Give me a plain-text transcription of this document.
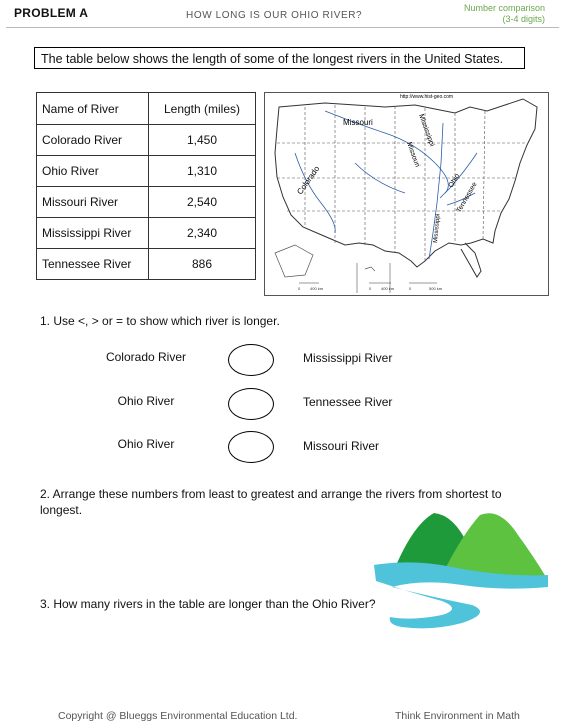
PROBLEM A	HOW LONG IS OUR OHIO RIVER?
Number comparison
(3-4 digits)
The table below shows the length of some of the longest rivers in the United States.
Name of River	Length (miles)
Colorado River	1,450
Ohio River	1,310
Missouri River	2,540
Mississippi River	2,340
Tennessee River	886
http://www.hist-geo.com
Missouri	Mississippi
Missouri
Colorado	Ohio
Tennessee
Mississippi
0 400 km	0 400 km	0	500 km
1. Use <, > or = to show which river is longer.
Colorado River	Mississippi River
Ohio River	Tennessee River
Ohio River	Missouri River
2. Arrange these numbers from least to greatest and arrange the rivers from shortest to longest.
3. How many rivers in the table are longer than the Ohio River?
Copyright @ Bluеggs Environmental Education Ltd.	Think Environment in Math
